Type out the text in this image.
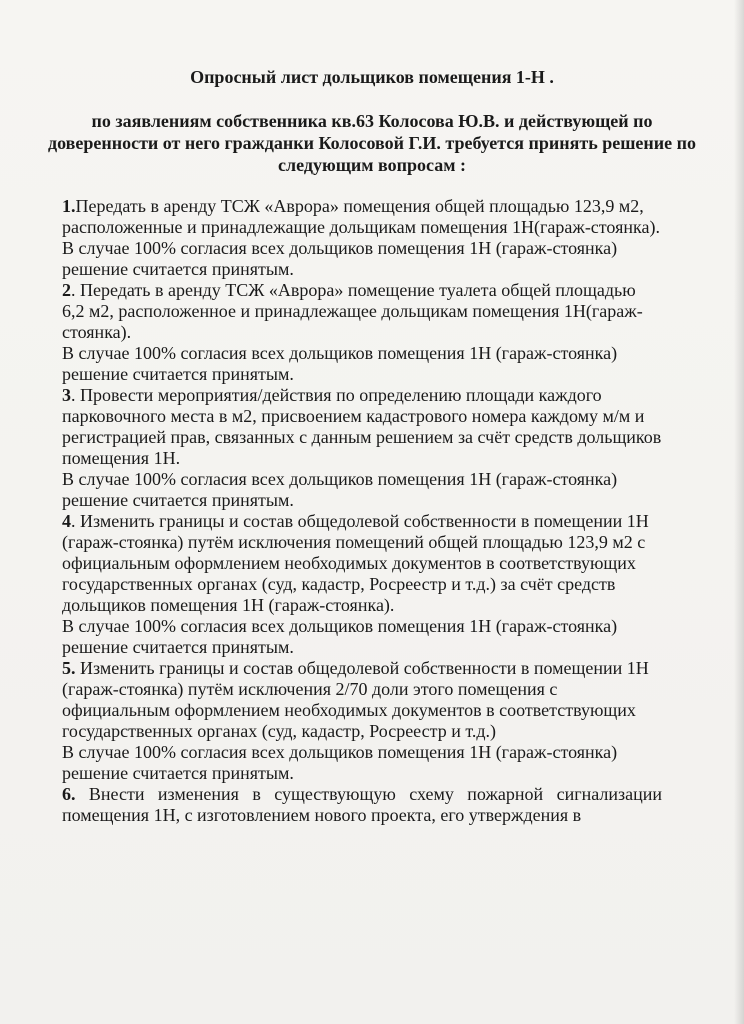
Опросный лист дольщиков помещения 1-Н .
по заявлениям собственника кв.63 Колосова Ю.В. и действующей по доверенности от него гражданки Колосовой Г.И. требуется принять решение по следующим вопросам :

1.Передать в аренду ТСЖ «Аврора» помещения общей площадью 123,9 м2, расположенные и принадлежащие дольщикам помещения 1Н(гараж-стоянка).

В случае 100% согласия всех дольщиков помещения 1Н (гараж-стоянка) решение считается принятым.

2. Передать в аренду ТСЖ «Аврора» помещение туалета общей площадью 6,2 м2, расположенное и принадлежащее дольщикам помещения 1Н(гараж-стоянка).

В случае 100% согласия всех дольщиков помещения 1Н (гараж-стоянка) решение считается принятым.

3. Провести мероприятия/действия по определению площади каждого парковочного места в м2, присвоением кадастрового номера каждому м/м и регистрацией прав, связанных с данным решением за счёт средств дольщиков помещения 1Н.

В случае 100% согласия всех дольщиков помещения 1Н (гараж-стоянка) решение считается принятым.

4. Изменить границы и состав общедолевой собственности в помещении 1Н (гараж-стоянка) путём исключения помещений общей площадью 123,9 м2 с официальным оформлением необходимых документов в соответствующих государственных органах (суд, кадастр, Росреестр и т.д.) за счёт средств дольщиков помещения 1Н (гараж-стоянка).

В случае 100% согласия всех дольщиков помещения 1Н (гараж-стоянка) решение считается принятым.

5. Изменить границы и состав общедолевой собственности в помещении 1Н (гараж-стоянка) путём исключения 2/70 доли этого помещения с официальным оформлением необходимых документов в соответствующих государственных органах (суд, кадастр, Росреестр и т.д.)

В случае 100% согласия всех дольщиков помещения 1Н (гараж-стоянка) решение считается принятым.

6. Внести изменения в существующую схему пожарной сигнализации помещения 1Н, с изготовлением нового проекта, его утверждения в
